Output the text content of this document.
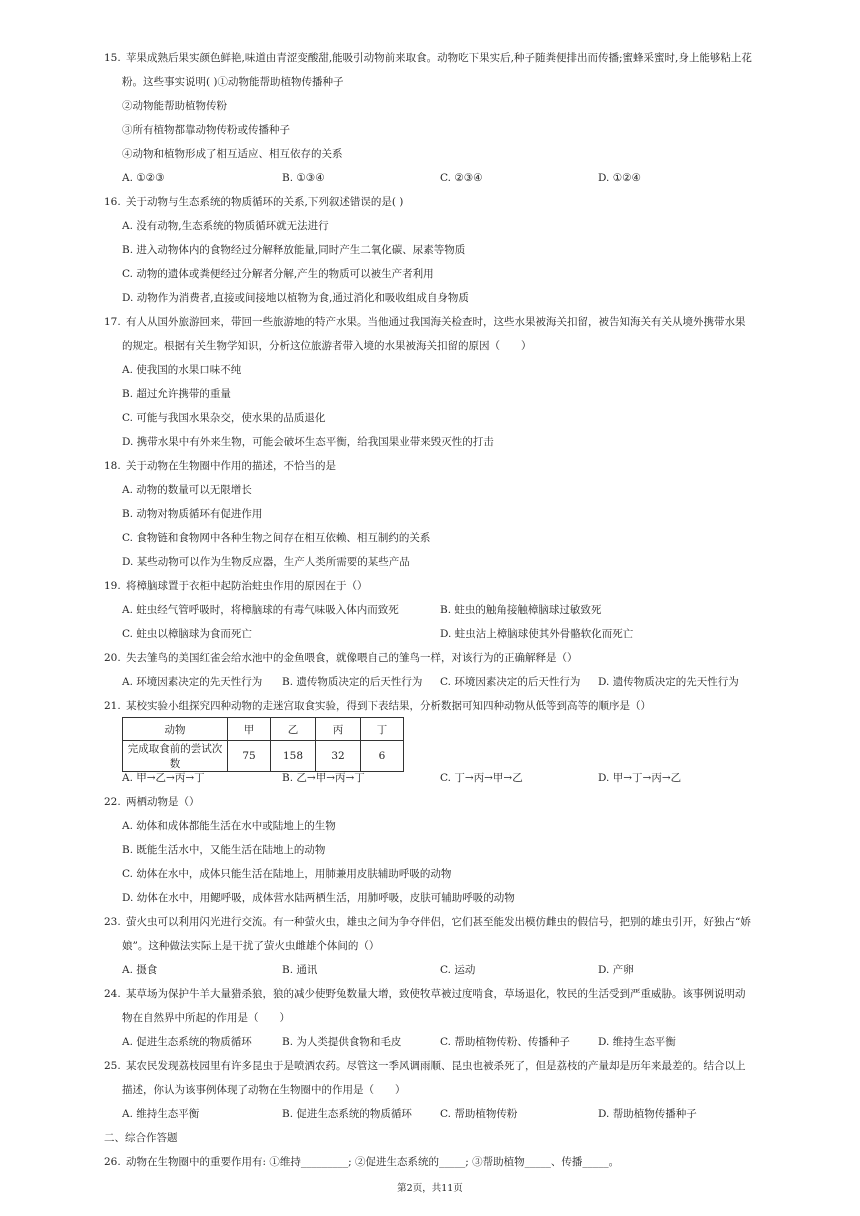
15. 苹果成熟后果实颜色鲜艳,味道由青涩变酸甜,能吸引动物前来取食。动物吃下果实后,种子随粪便排出而传播;蜜蜂采蜜时,身上能够粘上花
粉。这些事实说明( )①动物能帮助植物传播种子
②动物能帮助植物传粉
③所有植物都靠动物传粉或传播种子
④动物和植物形成了相互适应、相互依存的关系
A. ①②③	B. ①③④	C. ②③④	D. ①②④
16. 关于动物与生态系统的物质循环的关系,下列叙述错误的是( )
A. 没有动物,生态系统的物质循环就无法进行
B. 进入动物体内的食物经过分解释放能量,同时产生二氧化碳、尿素等物质
C. 动物的遗体或粪便经过分解者分解,产生的物质可以被生产者利用
D. 动物作为消费者,直接或间接地以植物为食,通过消化和吸收组成自身物质
17. 有人从国外旅游回来，带回一些旅游地的特产水果。当他通过我国海关检查时，这些水果被海关扣留，被告知海关有关从境外携带水果
的规定。根据有关生物学知识，分析这位旅游者带入境的水果被海关扣留的原因（　　）
A. 使我国的水果口味不纯
B. 超过允许携带的重量
C. 可能与我国水果杂交，使水果的品质退化
D. 携带水果中有外来生物，可能会破坏生态平衡，给我国果业带来毁灭性的打击
18. 关于动物在生物圈中作用的描述，不恰当的是
A. 动物的数量可以无限增长
B. 动物对物质循环有促进作用
C. 食物链和食物网中各种生物之间存在相互依赖、相互制约的关系
D. 某些动物可以作为生物反应器，生产人类所需要的某些产品
19. 将樟脑球置于衣柜中起防治蛀虫作用的原因在于（）
A. 蛀虫经气管呼吸时，将樟脑球的有毒气味吸入体内而致死	B. 蛀虫的触角接触樟脑球过敏致死
C. 蛀虫以樟脑球为食而死亡	D. 蛀虫沾上樟脑球使其外骨骼软化而死亡
20. 失去雏鸟的美国红雀会给水池中的金鱼喂食，就像喂自己的雏鸟一样，对该行为的正确解释是（）
A. 环境因素决定的先天性行为 B. 遗传物质决定的后天性行为 C. 环境因素决定的后天性行为 D. 遗传物质决定的先天性行为
21. 某校实验小组探究四种动物的走迷宫取食实验，得到下表结果，分析数据可知四种动物从低等到高等的顺序是（）
动物	甲	乙	丙	丁
完成取食前的尝试次数	75	158	32	6
A. 甲→乙→丙→丁	B. 乙→甲→丙→丁	C. 丁→丙→甲→乙	D. 甲→丁→丙→乙
22. 两栖动物是（）
A. 幼体和成体都能生活在水中或陆地上的生物
B. 既能生活水中，又能生活在陆地上的动物
C. 幼体在水中，成体只能生活在陆地上，用肺兼用皮肤辅助呼吸的动物
D. 幼体在水中，用鳃呼吸，成体营水陆两栖生活，用肺呼吸，皮肤可辅助呼吸的动物
23. 萤火虫可以利用闪光进行交流。有一种萤火虫，雄虫之间为争夺伴侣，它们甚至能发出模仿雌虫的假信号，把别的雄虫引开，好独占“娇
娘”。这种做法实际上是干扰了萤火虫雌雄个体间的（）
A. 摄食	B. 通讯	C. 运动	D. 产卵
24. 某草场为保护牛羊大量猎杀狼，狼的减少使野兔数量大增，致使牧草被过度啃食，草场退化，牧民的生活受到严重威胁。该事例说明动
物在自然界中所起的作用是（　　）
A. 促进生态系统的物质循环	B. 为人类提供食物和毛皮	C. 帮助植物传粉、传播种子	D. 维持生态平衡
25. 某农民发现荔枝园里有许多昆虫于是喷洒农药。尽管这一季风调雨顺、昆虫也被杀死了，但是荔枝的产量却是历年来最差的。结合以上
描述，你认为该事例体现了动物在生物圈中的作用是（　　）
A. 维持生态平衡	B. 促进生态系统的物质循环	C. 帮助植物传粉	D. 帮助植物传播种子
二、综合作答题
26. 动物在生物圈中的重要作用有: ①维持_________; ②促进生态系统的_____; ③帮助植物_____、传播_____。
第2页，共11页
